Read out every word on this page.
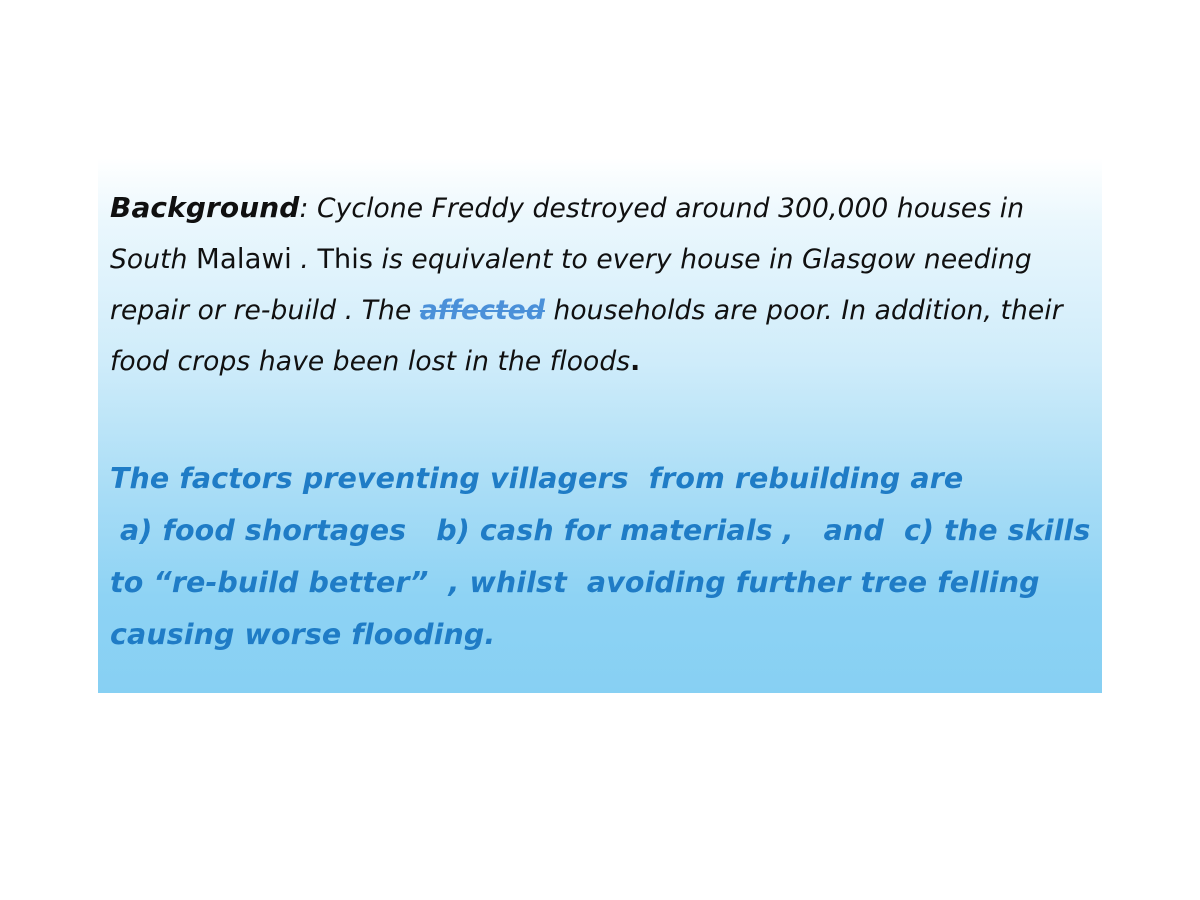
Background: Cyclone Freddy destroyed around 300,000 houses in South Malawi . This is equivalent to every house in Glasgow needing repair or re-build . The affected households are poor. In addition, their food crops have been lost in the floods.

The factors preventing villagers  from rebuilding are
a) food shortages   b) cash for materials ,   and  c) the skills
to “re-build better”  , whilst  avoiding further tree felling
causing worse flooding.
